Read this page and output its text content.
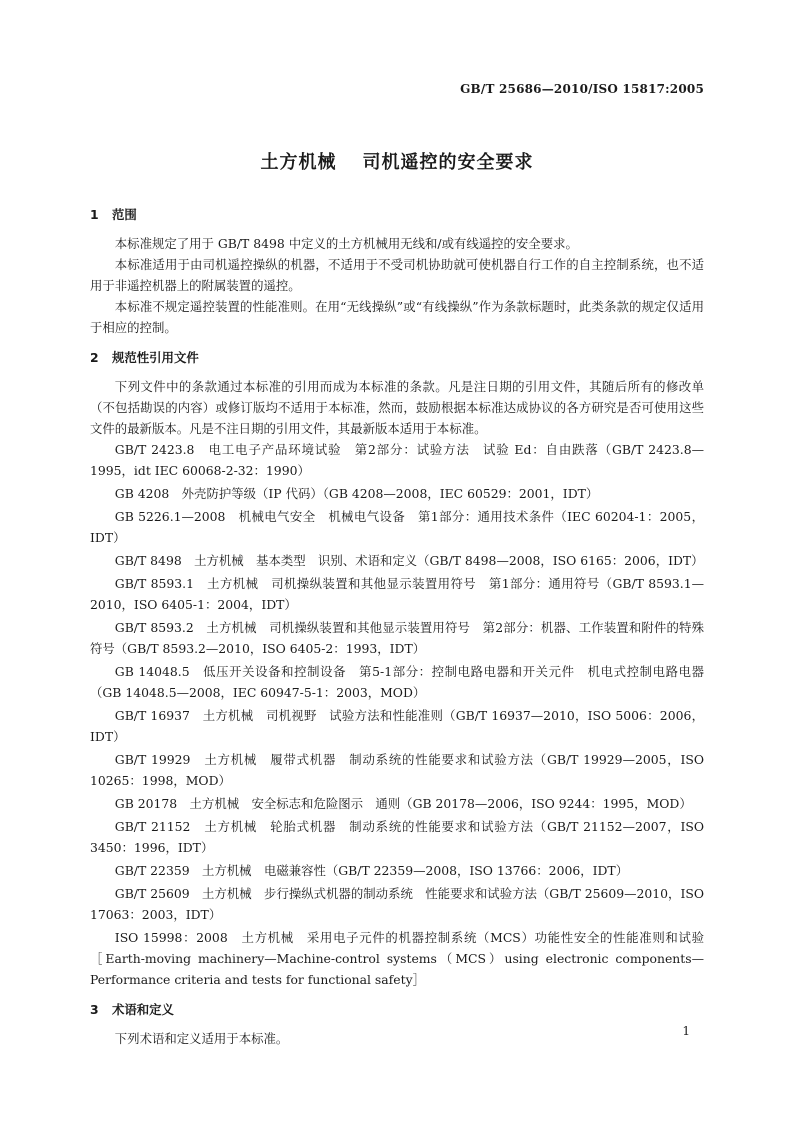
GB/T 25686—2010/ISO 15817:2005
土方机械 司机遥控的安全要求
1 范围

本标准规定了用于 GB/T 8498 中定义的土方机械用无线和/或有线遥控的安全要求。

本标准适用于由司机遥控操纵的机器，不适用于不受司机协助就可使机器自行工作的自主控制系统，也不适用于非遥控机器上的附属装置的遥控。

本标准不规定遥控装置的性能准则。在用“无线操纵”或“有线操纵”作为条款标题时，此类条款的规定仅适用于相应的控制。

2 规范性引用文件

下列文件中的条款通过本标准的引用而成为本标准的条款。凡是注日期的引用文件，其随后所有的修改单（不包括勘误的内容）或修订版均不适用于本标准，然而，鼓励根据本标准达成协议的各方研究是否可使用这些文件的最新版本。凡是不注日期的引用文件，其最新版本适用于本标准。

GB/T 2423.8　电工电子产品环境试验　第2部分：试验方法　试验 Ed：自由跌落（GB/T 2423.8—1995，idt IEC 60068-2-32：1990）

GB 4208　外壳防护等级（IP 代码）（GB 4208—2008，IEC 60529：2001，IDT）

GB 5226.1—2008　机械电气安全　机械电气设备　第1部分：通用技术条件（IEC 60204-1：2005，IDT）

GB/T 8498　土方机械　基本类型　识别、术语和定义（GB/T 8498—2008，ISO 6165：2006，IDT）

GB/T 8593.1　土方机械　司机操纵装置和其他显示装置用符号　第1部分：通用符号（GB/T 8593.1—2010，ISO 6405-1：2004，IDT）

GB/T 8593.2　土方机械　司机操纵装置和其他显示装置用符号　第2部分：机器、工作装置和附件的特殊符号（GB/T 8593.2—2010，ISO 6405-2：1993，IDT）

GB 14048.5　低压开关设备和控制设备　第5-1部分：控制电路电器和开关元件　机电式控制电路电器（GB 14048.5—2008，IEC 60947-5-1：2003，MOD）

GB/T 16937　土方机械　司机视野　试验方法和性能准则（GB/T 16937—2010，ISO 5006：2006，IDT）

GB/T 19929　土方机械　履带式机器　制动系统的性能要求和试验方法（GB/T 19929—2005，ISO 10265：1998，MOD）

GB 20178　土方机械　安全标志和危险图示　通则（GB 20178—2006，ISO 9244：1995，MOD）

GB/T 21152　土方机械　轮胎式机器　制动系统的性能要求和试验方法（GB/T 21152—2007，ISO 3450：1996，IDT）

GB/T 22359　土方机械　电磁兼容性（GB/T 22359—2008，ISO 13766：2006，IDT）

GB/T 25609　土方机械　步行操纵式机器的制动系统　性能要求和试验方法（GB/T 25609—2010，ISO 17063：2003，IDT）

ISO 15998：2008　土方机械　采用电子元件的机器控制系统（MCS）功能性安全的性能准则和试验［Earth-moving machinery—Machine-control systems（MCS）using electronic components—Performance criteria and tests for functional safety］

3 术语和定义

下列术语和定义适用于本标准。	1
